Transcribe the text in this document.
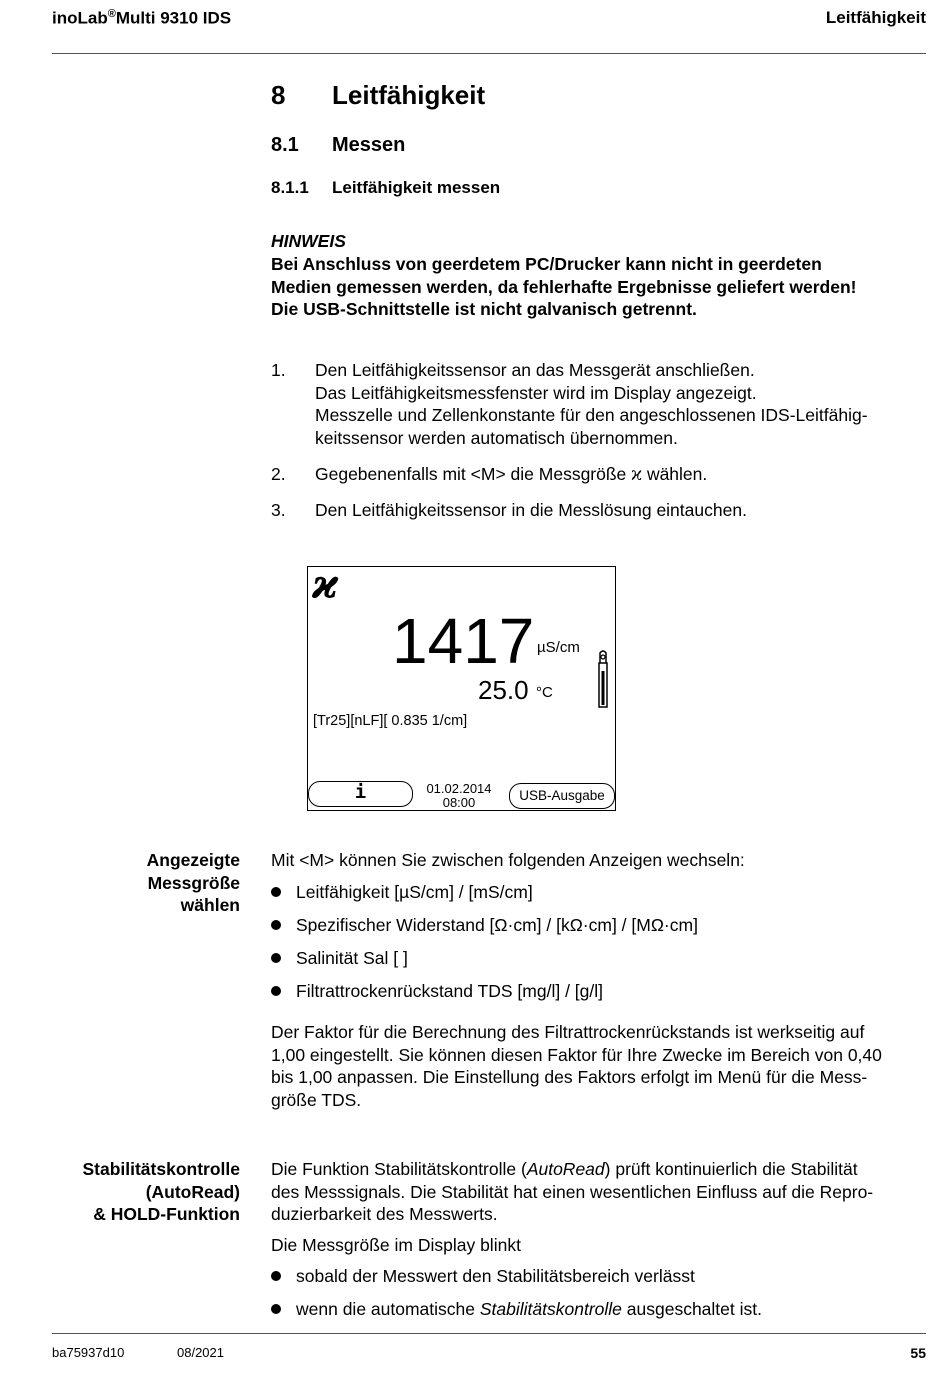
inoLab®Multi 9310 IDS	Leitfähigkeit
8 Leitfähigkeit
8.1 Messen
8.1.1 Leitfähigkeit messen
HINWEIS
Bei Anschluss von geerdetem PC/Drucker kann nicht in geerdeten
Medien gemessen werden, da fehlerhafte Ergebnisse geliefert werden!
Die USB-Schnittstelle ist nicht galvanisch getrennt.
1.	Den Leitfähigkeitssensor an das Messgerät anschließen.
Das Leitfähigkeitsmessfenster wird im Display angezeigt.
Messzelle und Zellenkonstante für den angeschlossenen IDS-Leitfähig-
keitssensor werden automatisch übernommen.
2.	Gegebenenfalls mit <M> die Messgröße ϰ wählen.
3.	Den Leitfähigkeitssensor in die Messlösung eintauchen.
ϰ
1417 µS/cm
25.0 °C
[Tr25][nLF][ 0.835 1/cm]
i	01.02.2014
08:00	USB-Ausgabe
Angezeigte
Messgröße
wählen
Mit <M> können Sie zwischen folgenden Anzeigen wechseln:
Leitfähigkeit [µS/cm] / [mS/cm]
Spezifischer Widerstand [Ω·cm] / [kΩ·cm] / [MΩ·cm]
Salinität Sal [ ]
Filtrattrockenrückstand TDS [mg/l] / [g/l]
Der Faktor für die Berechnung des Filtrattrockenrückstands ist werkseitig auf
1,00 eingestellt. Sie können diesen Faktor für Ihre Zwecke im Bereich von 0,40
bis 1,00 anpassen. Die Einstellung des Faktors erfolgt im Menü für die Mess-
größe TDS.
Stabilitätskontrolle
(AutoRead)
& HOLD-Funktion
Die Funktion Stabilitätskontrolle (AutoRead) prüft kontinuierlich die Stabilität
des Messsignals. Die Stabilität hat einen wesentlichen Einfluss auf die Repro-
duzierbarkeit des Messwerts.
Die Messgröße im Display blinkt
sobald der Messwert den Stabilitätsbereich verlässt
wenn die automatische Stabilitätskontrolle ausgeschaltet ist.
ba75937d10	08/2021	55
